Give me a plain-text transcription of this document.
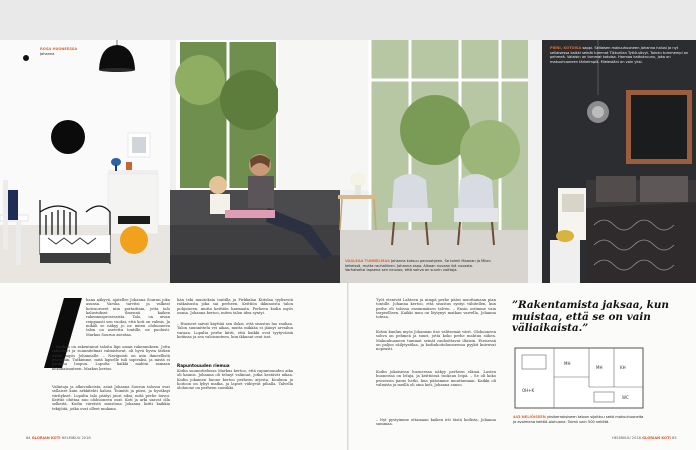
ROSA HUONEESSA Johanna
VAALEAA TUNNELMAA Johanna kutsuu perusohjeen. Se toimii Maanan ja Miion leikeissä, mutta rauhallinen. Johanna osaa. Aikaan nuvaan ikä nuvasta. Varhaiseksi lapsena sen neuvoo, että sohva on suurin voittaja.
PIENI, KOTOISA sappi. Sellaisen makuuhuoneen Johanna halusi ja nyt sellaisessa kaikki seinät tummat Tikkurilan Tyttö-sävyt. Toinen tummempi on pehmeä. Valaisin on tummat kotoisa. Harmaa kattokruunu, joka on makuuhuoneen tärkeimpiä. Mielestäni on vain yksi.
hana näkyvä, ajatellee Johanna Sourun joka asunsa. Varsha tarvitsi ja valkeat kotvuoruvet niin portaittain, jotta talo kalustukset ilmennä kaiken rakennusprosessista. Talo, on aivan reippaasti sen vuoksi, että koti on valmis. Ja mikäli se näkyy jo ne miten olohuoneen talen on asetettu tontille, ne puolusti. Markus Sourun asentaa.
– Markus on rakentanut taloita läpi oman rakennuksen. Jotta rakenteet ja suunnitelmat valmistuvat, oli hyvä hyvin tärkeä vaihe myös Johannalle. – Navigointi on niin ihmeellistä itsessään. Tutkimme, mitä lapselle tuli sopivaksi, ja mistä ei kannata luopua. Lopulta kaikki mahtui samaan kokonaisuuteen. Markus kertoo.
Valintoja ja alkuvaiheista, asiat Johanna Sourun talossa ovat sellaiset kuin arkkitehti halusi. Toimitti ja piirsi, ja hyväksyi väritykset. Lopulta talo päätyi juuri siksi, mitä perhe toivoi. Keittiö ohittaa nuo olohuoneen osat. Koti ja arki saavat olla selkeitä. Kodin väreistä muistona Johanna kiitti kaikkia tekijöitä, jotka ovat olleet mukana.
hän teki muutoksia tontilla ja Pirkkalan Kiitolan tyylisestä ratkaisusta joka sai perheen. Keittiön ikkunoista talon pohjoiseen, mutta keittiön harmaata. Perheen kodin myös osana. Johanna kertoo, miten talon idea syntyi.
– Huoneet saivat käyttää sen iloksi, että sisustus luo rauhaa. Talon suunnittelu vei aikaa, mutta mikään ei jäänyt arvailun varaan. Lopulta perhe kiitti, että kaikki ovat tyytyväisiä kotiinsa ja sen valoisuuteen, kun ikkunat ovat isot.
Rapuntouuden riemua
Kodin suunnittelussa Markus kertoo, että rapuntouuden aika oli kaunis. Johanna oli tehnyt valinnat, jotka kestävät aikaa. Kodin jokainen huone kertoo perheen arjesta. Kouluun ja hoitoon on lyhyt matka, ja lapset viihtyvät pihalla. Talvella olohuone on perheen suosikki.
Työt etenivät Lahteen ja niinpä perhe pääsi muuttamaan pian tontille. Johanna kertoo, että sisustus syntyi vähitellen, kun perhe eli talossa ensimmäisen talven. – Ensin ostimme vain tarpeellisen. Kaikki muu on löytynyt matkan varrella, Johanna toteaa.
Kotiin kuuluu myös Johannan itse valitsemat värit. Olohuoneen sohva on pehmeä ja suuri, jotta koko perhe mahtuu siihen. Makuuhuoneen tummat seinät rauhoittavat iltaisin. Eteisessä on paljon säilytystilaa, ja kodinhoitohuoneessa pyykit kuivuvat nopeasti.
Kodin jokaisessa huoneessa näkyy perheen elämä. Lasten huoneissa on leluja, ja keittiössä tuoksuu leipä. – Se oli koko prosessin paras hetki, kun pääsimme muuttamaan. Kaikki oli valmista ja meillä oli oma koti, Johanna sanoo.
– Nyt pystyimme ottamaan kaiken irti tästä kodista, Johanna summaa.
”Rakentamista jaksaa, kun muistaa, että se on vain väliaikaista.”
OH+K
MH
MH	KH
WC
445 NELIÖISEEN yksikerroksiseen taloon sijoittuu sekä makuuhuoneita ja avoimena keittiö-olohuone. Toimii vain 500 neliötä.
84 GLORIAN KOTI HELMIKUU 2018	HELMIKUU 2018 GLORIAN KOTI 85
